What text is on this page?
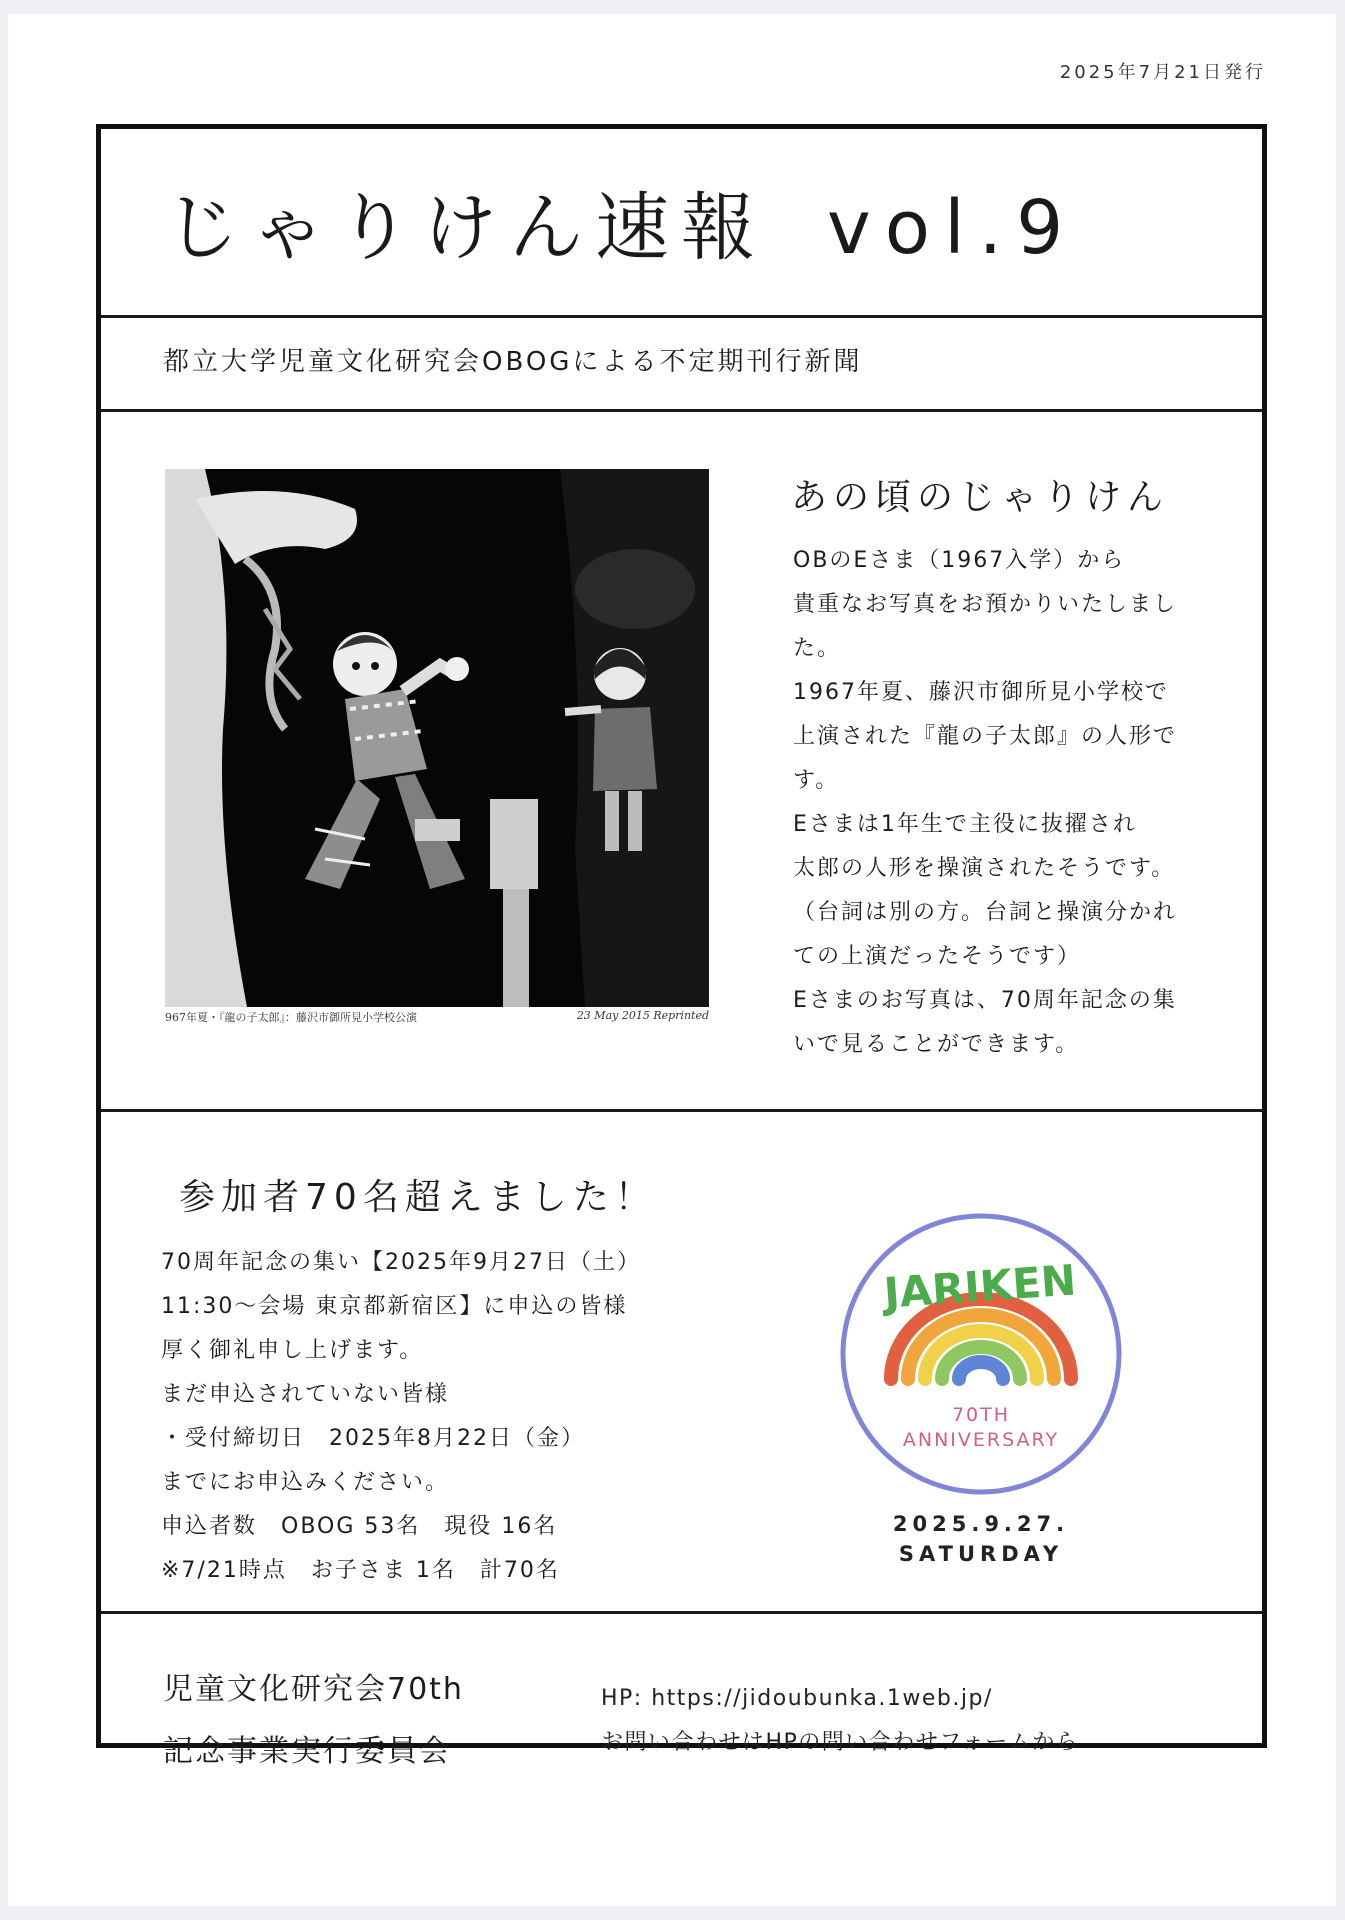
2025年7月21日発行
じゃりけん速報 vol.9
都立大学児童文化研究会OBOGによる不定期刊行新聞
967年夏・『龍の子太郎』：藤沢市御所見小学校公演	23 May 2015 Reprinted
あの頃のじゃりけん
OBのEさま（1967入学）から
貴重なお写真をお預かりいたしまし
た。
1967年夏、藤沢市御所見小学校で
上演された『龍の子太郎』の人形で
す。
Eさまは1年生で主役に抜擢され
太郎の人形を操演されたそうです。
（台詞は別の方。台詞と操演分かれ
ての上演だったそうです）
Eさまのお写真は、70周年記念の集
いで見ることができます。
参加者70名超えました！
70周年記念の集い【2025年9月27日（土）
11:30～会場 東京都新宿区】に申込の皆様
厚く御礼申し上げます。
まだ申込されていない皆様
・受付締切日　2025年8月22日（金）
までにお申込みください。
申込者数　OBOG 53名　現役 16名
※7/21時点　お子さま 1名　計70名
JARIKEN
70TH
ANNIVERSARY
2025.9.27.
SATURDAY
児童文化研究会70th
記念事業実行委員会
HP: https://jidoubunka.1web.jp/
お問い合わせはHPの問い合わせフォームから
